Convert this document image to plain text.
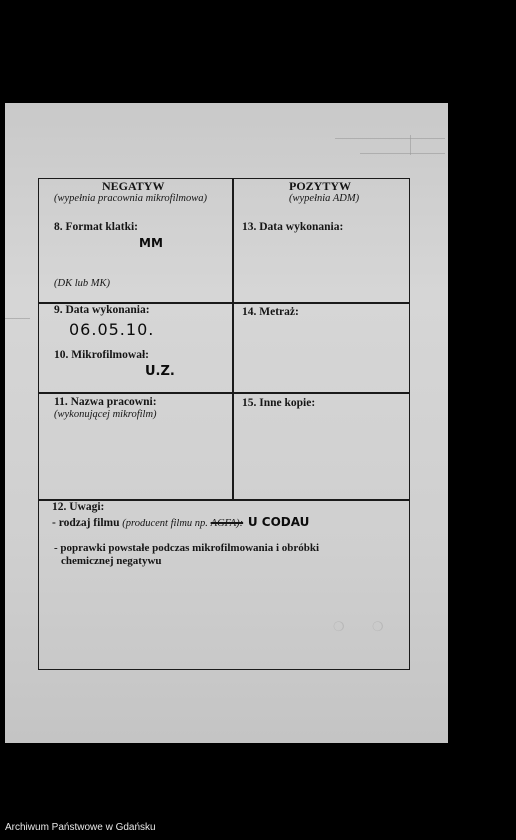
NEGATYW
(wypełnia pracownia mikrofilmowa)
POZYTYW
(wypełnia ADM)
8. Format klatki:
MM
(DK lub MK)
13. Data wykonania:
9. Data wykonania:
06.05.10.
10. Mikrofilmował:
U.Z.
14. Metraż:
11. Nazwa pracowni:
(wykonującej mikrofilm)
15. Inne kopie:
12. Uwagi:
- rodzaj filmu (producent filmu np. AGFA): U CODAU
- poprawki powstałe podczas mikrofilmowania i obróbki
chemicznej negatywu
❍ ❍
Archiwum Państwowe w Gdańsku
